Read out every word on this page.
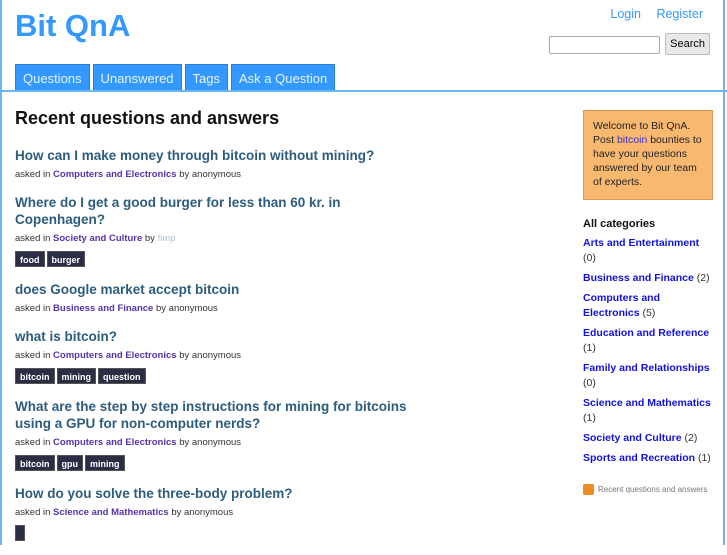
Bit QnA	Login Register
Search
Questions	Unanswered	Tags	Ask a Question
Recent questions and answers
How can I make money through bitcoin without mining?
asked in Computers and Electronics by anonymous
Where do I get a good burger for less than 60 kr. in Copenhagen?
asked in Society and Culture by fimp
food	burger
does Google market accept bitcoin
asked in Business and Finance by anonymous
what is bitcoin?
asked in Computers and Electronics by anonymous
bitcoin	mining	question
What are the step by step instructions for mining for bitcoins using a GPU for non-computer nerds?
asked in Computers and Electronics by anonymous
bitcoin	gpu	mining
How do you solve the three-body problem?
asked in Science and Mathematics by anonymous
Welcome to Bit QnA. Post bitcoin bounties to have your questions answered by our team of experts.
All categories
Arts and Entertainment (0)
Business and Finance (2)
Computers and Electronics (5)
Education and Reference (1)
Family and Relationships (0)
Science and Mathematics (1)
Society and Culture (2)
Sports and Recreation (1)
Recent questions and answers
